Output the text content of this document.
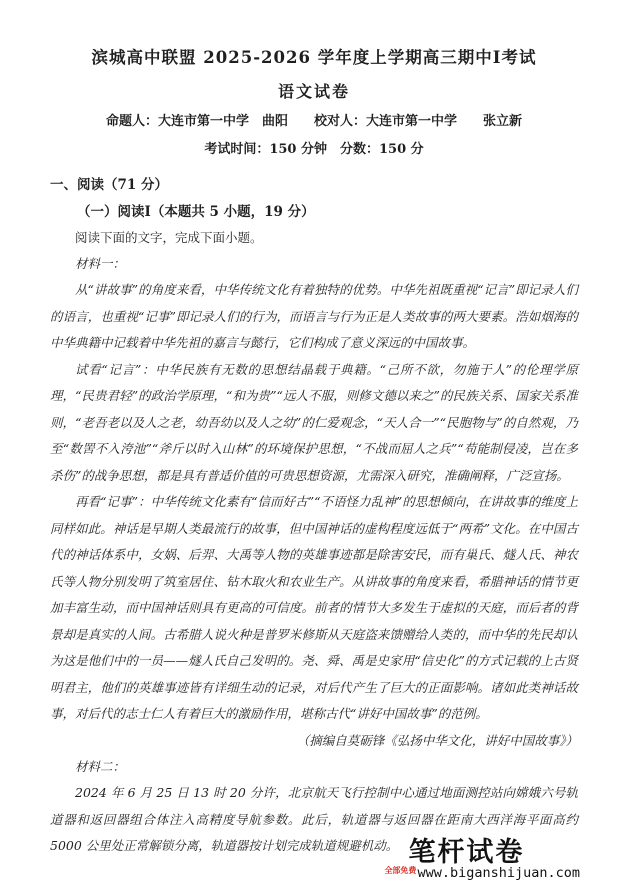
滨城高中联盟 2025-2026 学年度上学期高三期中Ⅰ考试
语文试卷

命题人：大连市第一中学　曲阳　　校对人：大连市第一中学　　张立新

考试时间：150 分钟　分数：150 分

一、阅读（71 分）

（一）阅读Ⅰ（本题共 5 小题，19 分）

阅读下面的文字，完成下面小题。

材料一：

从“讲故事”的角度来看，中华传统文化有着独特的优势。中华先祖既重视“记言”即记录人们的语言，也重视“记事”即记录人们的行为，而语言与行为正是人类故事的两大要素。浩如烟海的中华典籍中记载着中华先祖的嘉言与懿行，它们构成了意义深远的中国故事。

试看“记言”：中华民族有无数的思想结晶载于典籍。“己所不欲，勿施于人”的伦理学原理，“民贵君轻”的政治学原理，“和为贵”“远人不服，则修文德以来之”的民族关系、国家关系准则，“老吾老以及人之老，幼吾幼以及人之幼”的仁爱观念，“天人合一”“民胞物与”的自然观，乃至“数罟不入洿池”“斧斤以时入山林”的环境保护思想，“不战而屈人之兵”“苟能制侵凌，岂在多杀伤”的战争思想，都是具有普适价值的可贵思想资源，尤需深入研究，准确阐释，广泛宣扬。

再看“记事”：中华传统文化素有“信而好古”“不语怪力乱神”的思想倾向，在讲故事的维度上同样如此。神话是早期人类最流行的故事，但中国神话的虚构程度远低于“两希”文化。在中国古代的神话体系中，女娲、后羿、大禹等人物的英雄事迹都是除害安民，而有巢氏、燧人氏、神农氏等人物分别发明了筑室居住、钻木取火和农业生产。从讲故事的角度来看，希腊神话的情节更加丰富生动，而中国神话则具有更高的可信度。前者的情节大多发生于虚拟的天庭，而后者的背景却是真实的人间。古希腊人说火种是普罗米修斯从天庭盗来馈赠给人类的，而中华的先民却认为这是他们中的一员——燧人氏自己发明的。尧、舜、禹是史家用“信史化”的方式记载的上古贤明君主，他们的英雄事迹皆有详细生动的记录，对后代产生了巨大的正面影响。诸如此类神话故事，对后代的志士仁人有着巨大的激励作用，堪称古代“讲好中国故事”的范例。

（摘编自莫砺锋《弘扬中华文化，讲好中国故事》）

材料二：

2024 年 6 月 25 日 13 时 20 分许，北京航天飞行控制中心通过地面测控站向嫦娥六号轨道器和返回器组合体注入高精度导航参数。此后，轨道器与返回器在距南大西洋海平面高约 5000 公里处正常解锁分离，轨道器按计划完成轨道规避机动。 笔杆试卷
全部免费 www.biganshijuan.com
